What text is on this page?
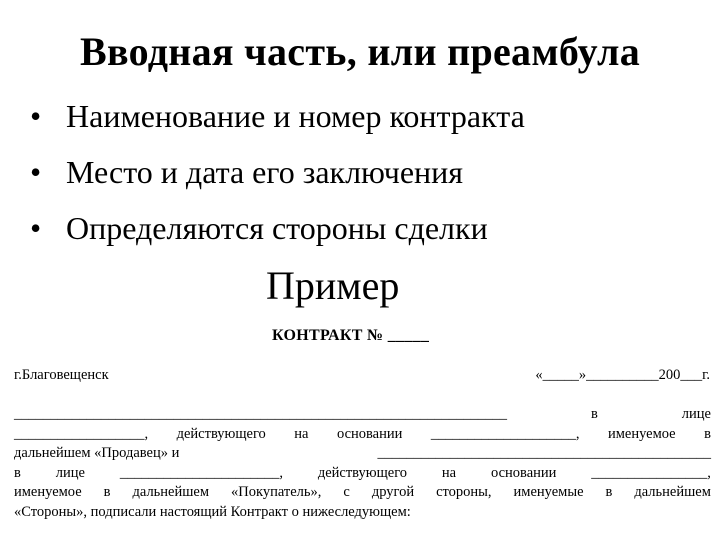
Вводная часть, или преамбула
• Наименование и номер контракта
• Место и дата его заключения
• Определяются стороны сделки
Пример
КОНТРАКТ № _____
г.Благовещенск	«_____»__________200___г.
____________________________________________________________________	в	лице
__________________, действующего на основании ____________________, именуемое в
дальнейшем «Продавец» и	______________________________________________
в лице ______________________, действующего на основании ________________,
именуемое в дальнейшем «Покупатель», с другой стороны, именуемые в дальнейшем
«Стороны», подписали настоящий Контракт о нижеследующем:
